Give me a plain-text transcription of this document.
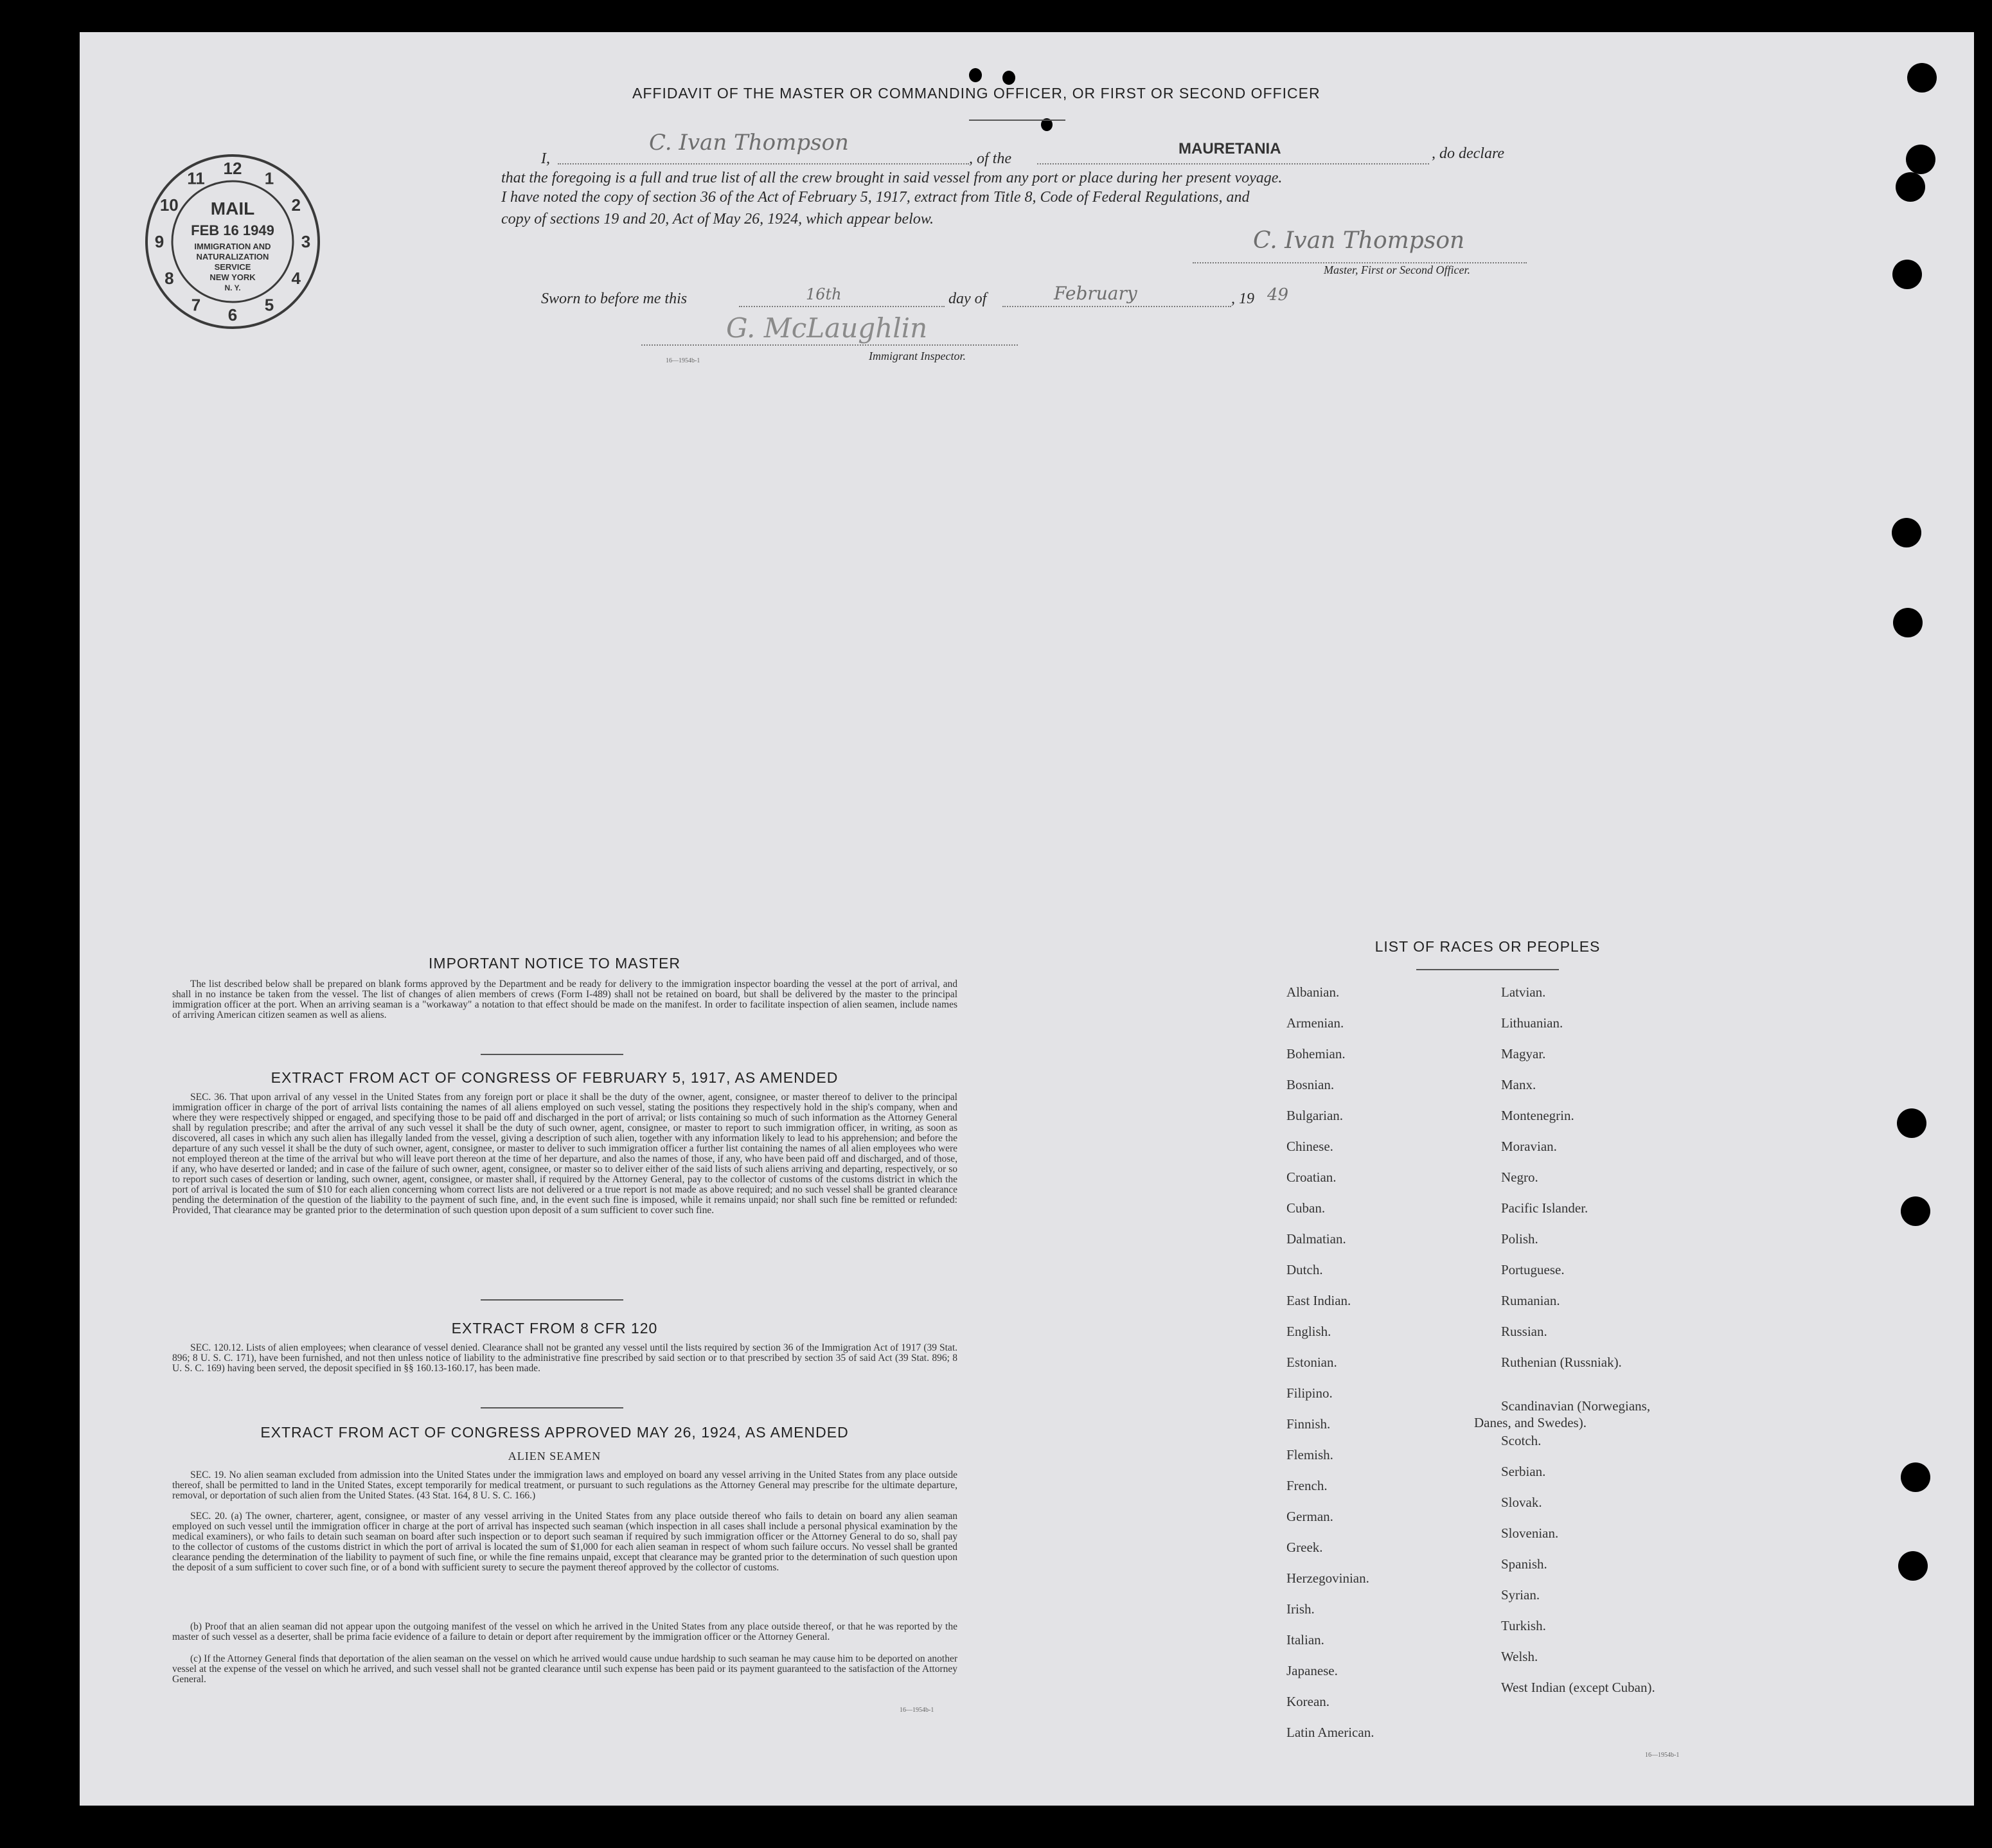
AFFIDAVIT OF THE MASTER OR COMMANDING OFFICER, OR FIRST OR SECOND OFFICER
12
1
2
3
4
5
6
7
8
9
10
11
MAIL
FEB 16 1949
IMMIGRATION AND
NATURALIZATION
SERVICE
NEW YORK
N. Y.
I,
C. Ivan Thompson
, of the
MAURETANIA	, do declare
that the foregoing is a full and true list of all the crew brought in said vessel from any port or place during her present voyage.
I have noted the copy of section 36 of the Act of February 5, 1917, extract from Title 8, Code of Federal Regulations, and
copy of sections 19 and 20, Act of May 26, 1924, which appear below.
C. Ivan Thompson
Master, First or Second Officer.
Sworn to before me this	16th	day of	February	, 19 49
G. McLaughlin
16—1954b-1	Immigrant Inspector.
IMPORTANT NOTICE TO MASTER
The list described below shall be prepared on blank forms approved by the Department and be ready for delivery to the immigration inspector boarding the vessel at the port of arrival, and shall in no instance be taken from the vessel. The list of changes of alien members of crews (Form I-489) shall not be retained on board, but shall be delivered by the master to the principal immigration officer at the port. When an arriving seaman is a "workaway" a notation to that effect should be made on the manifest. In order to facilitate inspection of alien seamen, include names of arriving American citizen seamen as well as aliens.
EXTRACT FROM ACT OF CONGRESS OF FEBRUARY 5, 1917, AS AMENDED
SEC. 36. That upon arrival of any vessel in the United States from any foreign port or place it shall be the duty of the owner, agent, consignee, or master thereof to deliver to the principal immigration officer in charge of the port of arrival lists containing the names of all aliens employed on such vessel, stating the positions they respectively hold in the ship's company, when and where they were respectively shipped or engaged, and specifying those to be paid off and discharged in the port of arrival; or lists containing so much of such information as the Attorney General shall by regulation prescribe; and after the arrival of any such vessel it shall be the duty of such owner, agent, consignee, or master to report to such immigration officer, in writing, as soon as discovered, all cases in which any such alien has illegally landed from the vessel, giving a description of such alien, together with any information likely to lead to his apprehension; and before the departure of any such vessel it shall be the duty of such owner, agent, consignee, or master to deliver to such immigration officer a further list containing the names of all alien employees who were not employed thereon at the time of the arrival but who will leave port thereon at the time of her departure, and also the names of those, if any, who have been paid off and discharged, and of those, if any, who have deserted or landed; and in case of the failure of such owner, agent, consignee, or master so to deliver either of the said lists of such aliens arriving and departing, respectively, or so to report such cases of desertion or landing, such owner, agent, consignee, or master shall, if required by the Attorney General, pay to the collector of customs of the customs district in which the port of arrival is located the sum of $10 for each alien concerning whom correct lists are not delivered or a true report is not made as above required; and no such vessel shall be granted clearance pending the determination of the question of the liability to the payment of such fine, and, in the event such fine is imposed, while it remains unpaid; nor shall such fine be remitted or refunded: Provided, That clearance may be granted prior to the determination of such question upon deposit of a sum sufficient to cover such fine.
EXTRACT FROM 8 CFR 120
SEC. 120.12. Lists of alien employees; when clearance of vessel denied. Clearance shall not be granted any vessel until the lists required by section 36 of the Immigration Act of 1917 (39 Stat. 896; 8 U. S. C. 171), have been furnished, and not then unless notice of liability to the administrative fine prescribed by said section or to that prescribed by section 35 of said Act (39 Stat. 896; 8 U. S. C. 169) having been served, the deposit specified in §§ 160.13-160.17, has been made.
EXTRACT FROM ACT OF CONGRESS APPROVED MAY 26, 1924, AS AMENDED
ALIEN SEAMEN
SEC. 19. No alien seaman excluded from admission into the United States under the immigration laws and employed on board any vessel arriving in the United States from any place outside thereof, shall be permitted to land in the United States, except temporarily for medical treatment, or pursuant to such regulations as the Attorney General may prescribe for the ultimate departure, removal, or deportation of such alien from the United States. (43 Stat. 164, 8 U. S. C. 166.)
SEC. 20. (a) The owner, charterer, agent, consignee, or master of any vessel arriving in the United States from any place outside thereof who fails to detain on board any alien seaman employed on such vessel until the immigration officer in charge at the port of arrival has inspected such seaman (which inspection in all cases shall include a personal physical examination by the medical examiners), or who fails to detain such seaman on board after such inspection or to deport such seaman if required by such immigration officer or the Attorney General to do so, shall pay to the collector of customs of the customs district in which the port of arrival is located the sum of $1,000 for each alien seaman in respect of whom such failure occurs. No vessel shall be granted clearance pending the determination of the liability to payment of such fine, or while the fine remains unpaid, except that clearance may be granted prior to the determination of such question upon the deposit of a sum sufficient to cover such fine, or of a bond with sufficient surety to secure the payment thereof approved by the collector of customs.
(b) Proof that an alien seaman did not appear upon the outgoing manifest of the vessel on which he arrived in the United States from any place outside thereof, or that he was reported by the master of such vessel as a deserter, shall be prima facie evidence of a failure to detain or deport after requirement by the immigration officer or the Attorney General.
(c) If the Attorney General finds that deportation of the alien seaman on the vessel on which he arrived would cause undue hardship to such seaman he may cause him to be deported on another vessel at the expense of the vessel on which he arrived, and such vessel shall not be granted clearance until such expense has been paid or its payment guaranteed to the satisfaction of the Attorney General.
16—1954b-1
LIST OF RACES OR PEOPLES
16—1954b-1
Albanian.
Armenian.
Bohemian.
Bosnian.
Bulgarian.
Chinese.
Croatian.
Cuban.
Dalmatian.
Dutch.
East Indian.
English.
Estonian.
Filipino.
Finnish.
Flemish.
French.
German.
Greek.
Herzegovinian.
Irish.
Italian.
Japanese.
Korean.
Latin American.
Latvian.
Lithuanian.
Magyar.
Manx.
Montenegrin.
Moravian.
Negro.
Pacific Islander.
Polish.
Portuguese.
Rumanian.
Russian.
Ruthenian (Russniak).
Scandinavian (Norwegians,
Danes, and Swedes).
Scotch.
Serbian.
Slovak.
Slovenian.
Spanish.
Syrian.
Turkish.
Welsh.
West Indian (except Cuban).
